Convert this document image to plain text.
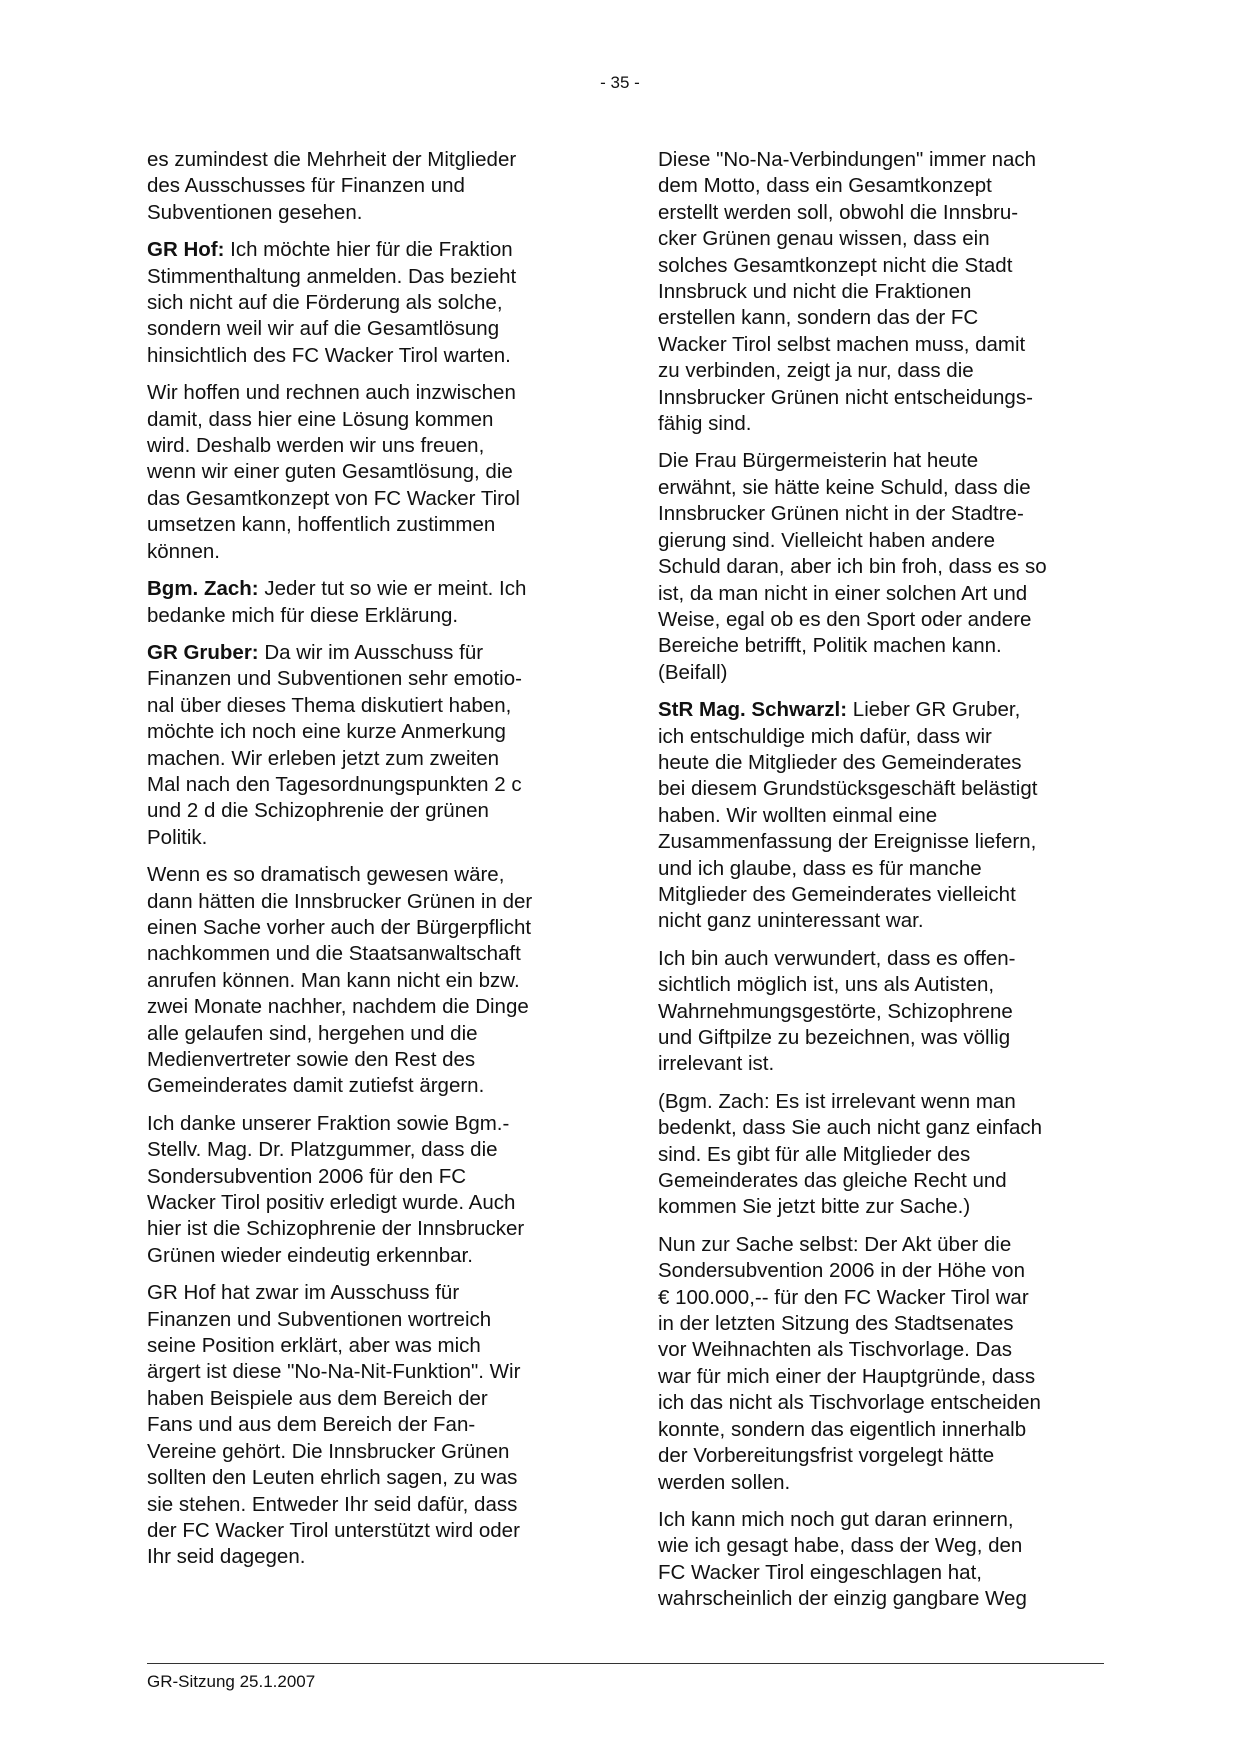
- 35 -
es zumindest die Mehrheit der Mitglieder
des Ausschusses für Finanzen und
Subventionen gesehen.
GR Hof: Ich möchte hier für die Fraktion
Stimmenthaltung anmelden. Das bezieht
sich nicht auf die Förderung als solche,
sondern weil wir auf die Gesamtlösung
hinsichtlich des FC Wacker Tirol warten.
Wir hoffen und rechnen auch inzwischen
damit, dass hier eine Lösung kommen
wird. Deshalb werden wir uns freuen,
wenn wir einer guten Gesamtlösung, die
das Gesamtkonzept von FC Wacker Tirol
umsetzen kann, hoffentlich zustimmen
können.
Bgm. Zach: Jeder tut so wie er meint. Ich
bedanke mich für diese Erklärung.
GR Gruber: Da wir im Ausschuss für
Finanzen und Subventionen sehr emotio-
nal über dieses Thema diskutiert haben,
möchte ich noch eine kurze Anmerkung
machen. Wir erleben jetzt zum zweiten
Mal nach den Tagesordnungspunkten 2 c
und 2 d die Schizophrenie der grünen
Politik.
Wenn es so dramatisch gewesen wäre,
dann hätten die Innsbrucker Grünen in der
einen Sache vorher auch der Bürgerpflicht
nachkommen und die Staatsanwaltschaft
anrufen können. Man kann nicht ein bzw.
zwei Monate nachher, nachdem die Dinge
alle gelaufen sind, hergehen und die
Medienvertreter sowie den Rest des
Gemeinderates damit zutiefst ärgern.
Ich danke unserer Fraktion sowie Bgm.-
Stellv. Mag. Dr. Platzgummer, dass die
Sondersubvention 2006 für den FC
Wacker Tirol positiv erledigt wurde. Auch
hier ist die Schizophrenie der Innsbrucker
Grünen wieder eindeutig erkennbar.
GR Hof hat zwar im Ausschuss für
Finanzen und Subventionen wortreich
seine Position erklärt, aber was mich
ärgert ist diese "No-Na-Nit-Funktion". Wir
haben Beispiele aus dem Bereich der
Fans und aus dem Bereich der Fan-
Vereine gehört. Die Innsbrucker Grünen
sollten den Leuten ehrlich sagen, zu was
sie stehen. Entweder Ihr seid dafür, dass
der FC Wacker Tirol unterstützt wird oder
Ihr seid dagegen.
Diese "No-Na-Verbindungen" immer nach
dem Motto, dass ein Gesamtkonzept
erstellt werden soll, obwohl die Innsbru-
cker Grünen genau wissen, dass ein
solches Gesamtkonzept nicht die Stadt
Innsbruck und nicht die Fraktionen
erstellen kann, sondern das der FC
Wacker Tirol selbst machen muss, damit
zu verbinden, zeigt ja nur, dass die
Innsbrucker Grünen nicht entscheidungs-
fähig sind.
Die Frau Bürgermeisterin hat heute
erwähnt, sie hätte keine Schuld, dass die
Innsbrucker Grünen nicht in der Stadtre-
gierung sind. Vielleicht haben andere
Schuld daran, aber ich bin froh, dass es so
ist, da man nicht in einer solchen Art und
Weise, egal ob es den Sport oder andere
Bereiche betrifft, Politik machen kann.
(Beifall)
StR Mag. Schwarzl: Lieber GR Gruber,
ich entschuldige mich dafür, dass wir
heute die Mitglieder des Gemeinderates
bei diesem Grundstücksgeschäft belästigt
haben. Wir wollten einmal eine
Zusammenfassung der Ereignisse liefern,
und ich glaube, dass es für manche
Mitglieder des Gemeinderates vielleicht
nicht ganz uninteressant war.
Ich bin auch verwundert, dass es offen-
sichtlich möglich ist, uns als Autisten,
Wahrnehmungsgestörte, Schizophrene
und Giftpilze zu bezeichnen, was völlig
irrelevant ist.
(Bgm. Zach: Es ist irrelevant wenn man
bedenkt, dass Sie auch nicht ganz einfach
sind. Es gibt für alle Mitglieder des
Gemeinderates das gleiche Recht und
kommen Sie jetzt bitte zur Sache.)
Nun zur Sache selbst: Der Akt über die
Sondersubvention 2006 in der Höhe von
€ 100.000,-- für den FC Wacker Tirol war
in der letzten Sitzung des Stadtsenates
vor Weihnachten als Tischvorlage. Das
war für mich einer der Hauptgründe, dass
ich das nicht als Tischvorlage entscheiden
konnte, sondern das eigentlich innerhalb
der Vorbereitungsfrist vorgelegt hätte
werden sollen.
Ich kann mich noch gut daran erinnern,
wie ich gesagt habe, dass der Weg, den
FC Wacker Tirol eingeschlagen hat,
wahrscheinlich der einzig gangbare Weg
GR-Sitzung 25.1.2007
